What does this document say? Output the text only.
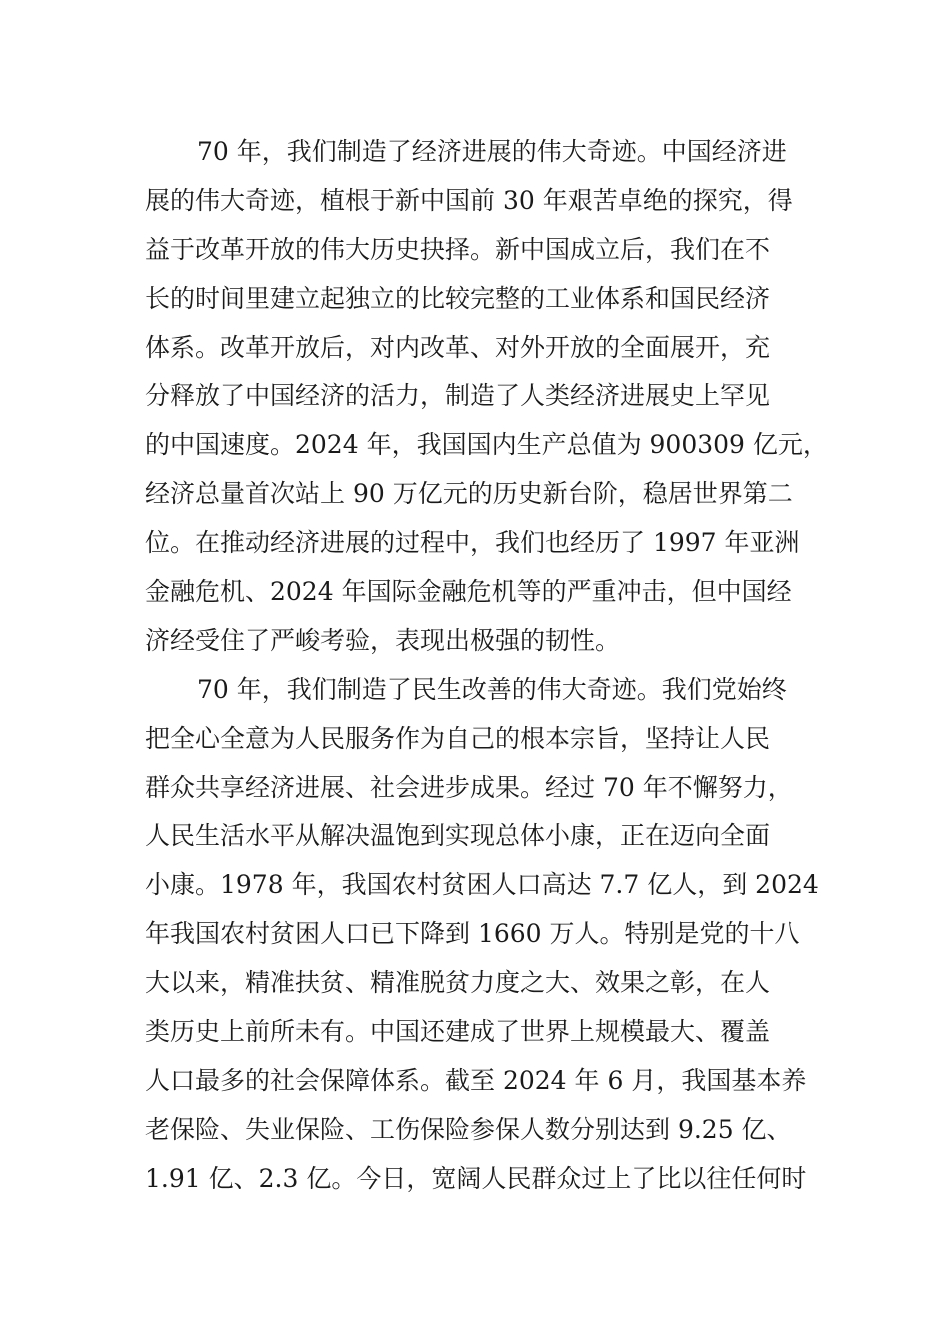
70 年，我们制造了经济进展的伟大奇迹。中国经济进
展的伟大奇迹，植根于新中国前 30 年艰苦卓绝的探究，得
益于改革开放的伟大历史抉择。新中国成立后，我们在不
长的时间里建立起独立的比较完整的工业体系和国民经济
体系。改革开放后，对内改革、对外开放的全面展开，充
分释放了中国经济的活力，制造了人类经济进展史上罕见
的中国速度。2024 年，我国国内生产总值为 900309 亿元，
经济总量首次站上 90 万亿元的历史新台阶，稳居世界第二
位。在推动经济进展的过程中，我们也经历了 1997 年亚洲
金融危机、2024 年国际金融危机等的严重冲击，但中国经
济经受住了严峻考验，表现出极强的韧性。
70 年，我们制造了民生改善的伟大奇迹。我们党始终
把全心全意为人民服务作为自己的根本宗旨，坚持让人民
群众共享经济进展、社会进步成果。经过 70 年不懈努力，
人民生活水平从解决温饱到实现总体小康，正在迈向全面
小康。1978 年，我国农村贫困人口高达 7.7 亿人，到 2024
年我国农村贫困人口已下降到 1660 万人。特别是党的十八
大以来，精准扶贫、精准脱贫力度之大、效果之彰，在人
类历史上前所未有。中国还建成了世界上规模最大、覆盖
人口最多的社会保障体系。截至 2024 年 6 月，我国基本养
老保险、失业保险、工伤保险参保人数分别达到 9.25 亿、
1.91 亿、2.3 亿。今日，宽阔人民群众过上了比以往任何时
